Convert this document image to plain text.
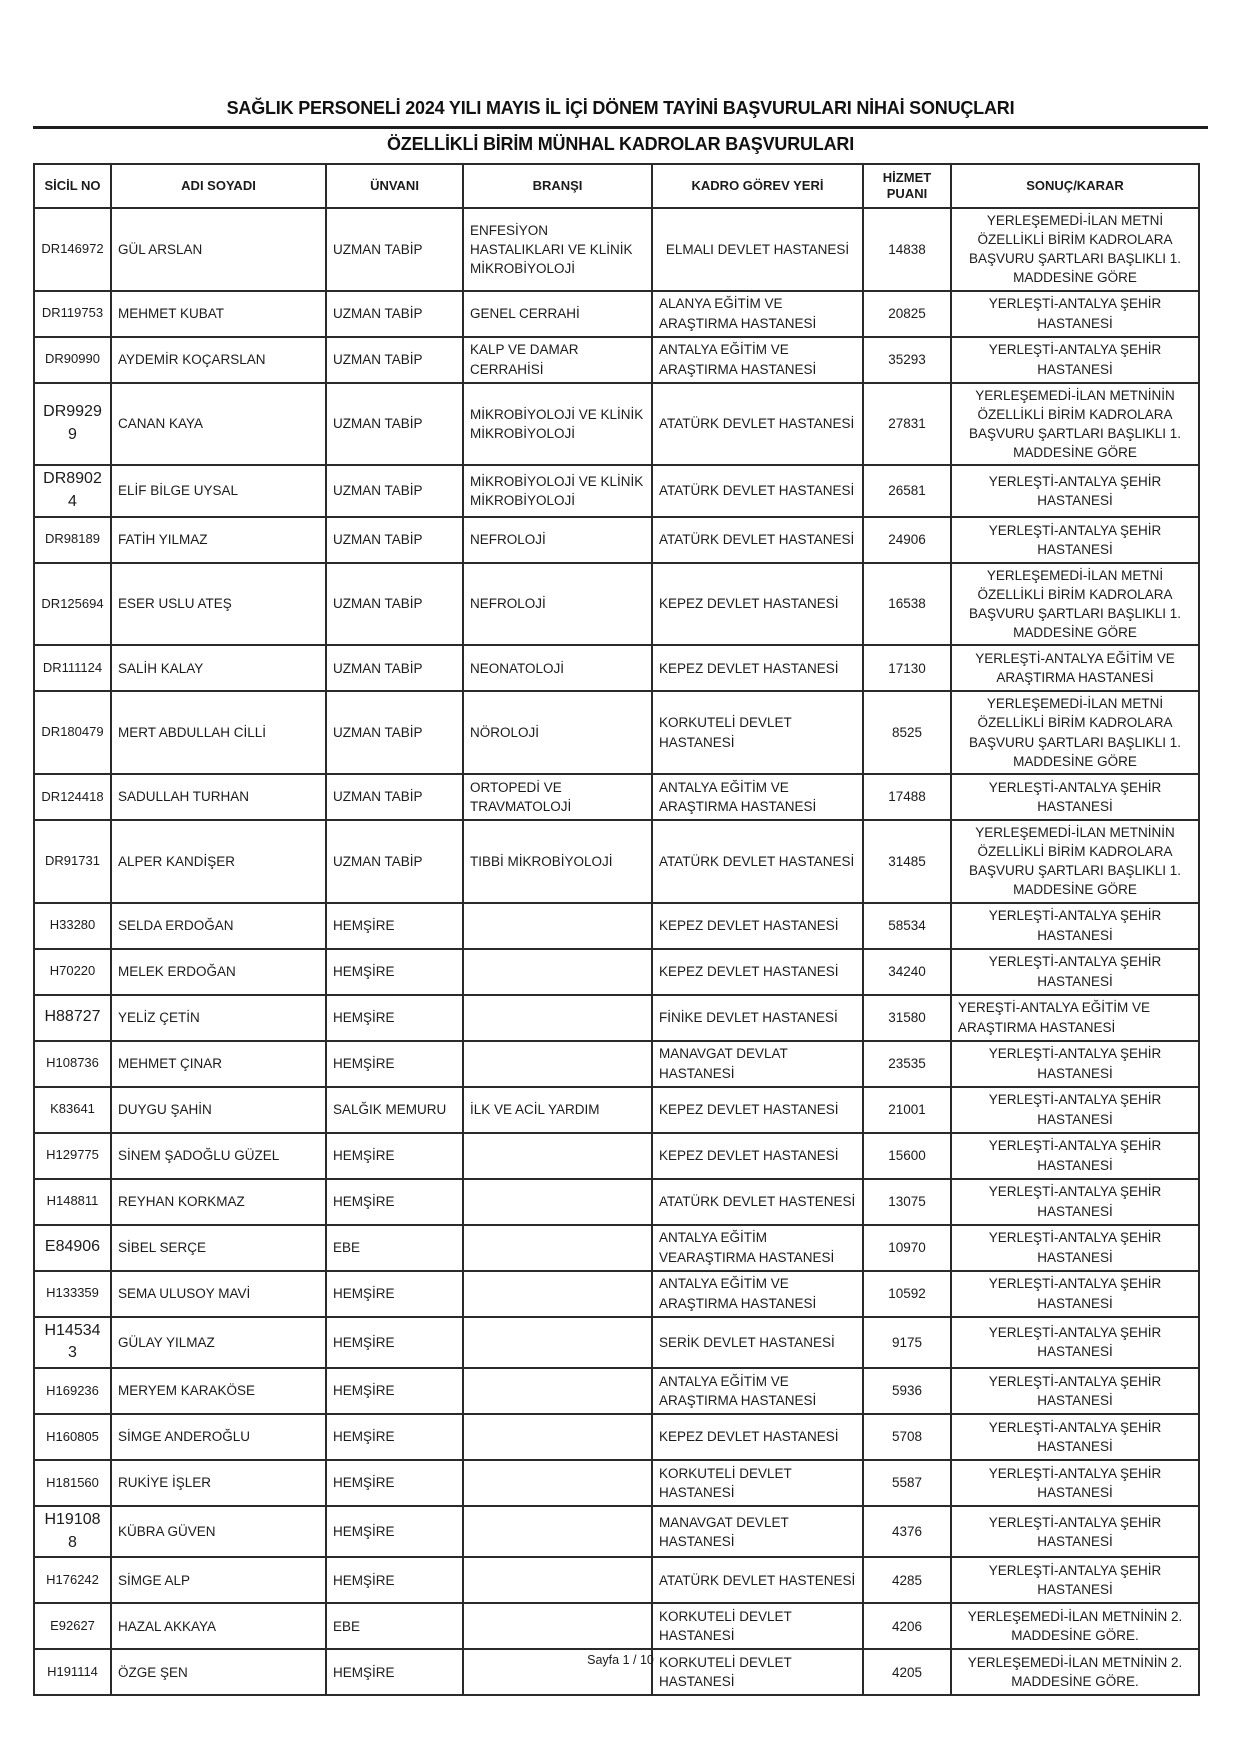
SAĞLIK PERSONELİ 2024 YILI MAYIS İL İÇİ DÖNEM TAYİNİ BAŞVURULARI NİHAİ SONUÇLARI
ÖZELLİKLİ BİRİM MÜNHAL KADROLAR BAŞVURULARI
SİCİL NO	ADI SOYADI	ÜNVANI	BRANŞI	KADRO GÖREV YERİ	HİZMET PUANI	SONUÇ/KARAR
DR146972	GÜL ARSLAN	UZMAN TABİP	ENFESİYON HASTALIKLARI VE KLİNİK MİKROBİYOLOJİ	ELMALI DEVLET HASTANESİ	14838	YERLEŞEMEDİ-İLAN METNİ ÖZELLİKLİ BİRİM KADROLARA BAŞVURU ŞARTLARI BAŞLIKLI 1. MADDESİNE GÖRE
DR119753	MEHMET KUBAT	UZMAN TABİP	GENEL CERRAHİ	ALANYA EĞİTİM VE ARAŞTIRMA HASTANESİ	20825	YERLEŞTİ-ANTALYA ŞEHİR HASTANESİ
DR90990	AYDEMİR KOÇARSLAN	UZMAN TABİP	KALP VE DAMAR CERRAHİSİ	ANTALYA EĞİTİM VE ARAŞTIRMA HASTANESİ	35293	YERLEŞTİ-ANTALYA ŞEHİR HASTANESİ
DR99299	CANAN KAYA	UZMAN TABİP	MİKROBİYOLOJİ VE KLİNİK MİKROBİYOLOJİ	ATATÜRK DEVLET HASTANESİ	27831	YERLEŞEMEDİ-İLAN METNİNİN ÖZELLİKLİ BİRİM KADROLARA BAŞVURU ŞARTLARI BAŞLIKLI 1. MADDESİNE GÖRE
DR89024	ELİF BİLGE UYSAL	UZMAN TABİP	MİKROBİYOLOJİ VE KLİNİK MİKROBİYOLOJİ	ATATÜRK DEVLET HASTANESİ	26581	YERLEŞTİ-ANTALYA ŞEHİR HASTANESİ
DR98189	FATİH YILMAZ	UZMAN TABİP	NEFROLOJİ	ATATÜRK DEVLET HASTANESİ	24906	YERLEŞTİ-ANTALYA ŞEHİR HASTANESİ
DR125694	ESER USLU ATEŞ	UZMAN TABİP	NEFROLOJİ	KEPEZ DEVLET HASTANESİ	16538	YERLEŞEMEDİ-İLAN METNİ ÖZELLİKLİ BİRİM KADROLARA BAŞVURU ŞARTLARI BAŞLIKLI 1. MADDESİNE GÖRE
DR111124	SALİH KALAY	UZMAN TABİP	NEONATOLOJİ	KEPEZ DEVLET HASTANESİ	17130	YERLEŞTİ-ANTALYA EĞİTİM VE ARAŞTIRMA HASTANESİ
DR180479	MERT ABDULLAH CİLLİ	UZMAN TABİP	NÖROLOJİ	KORKUTELİ DEVLET HASTANESİ	8525	YERLEŞEMEDİ-İLAN METNİ ÖZELLİKLİ BİRİM KADROLARA BAŞVURU ŞARTLARI BAŞLIKLI 1. MADDESİNE GÖRE
DR124418	SADULLAH TURHAN	UZMAN TABİP	ORTOPEDİ VE TRAVMATOLOJİ	ANTALYA EĞİTİM VE ARAŞTIRMA HASTANESİ	17488	YERLEŞTİ-ANTALYA ŞEHİR HASTANESİ
DR91731	ALPER KANDİŞER	UZMAN TABİP	TIBBİ MİKROBİYOLOJİ	ATATÜRK DEVLET HASTANESİ	31485	YERLEŞEMEDİ-İLAN METNİNİN ÖZELLİKLİ BİRİM KADROLARA BAŞVURU ŞARTLARI BAŞLIKLI 1. MADDESİNE GÖRE
H33280	SELDA ERDOĞAN	HEMŞİRE		KEPEZ DEVLET HASTANESİ	58534	YERLEŞTİ-ANTALYA ŞEHİR HASTANESİ
H70220	MELEK ERDOĞAN	HEMŞİRE		KEPEZ DEVLET HASTANESİ	34240	YERLEŞTİ-ANTALYA ŞEHİR HASTANESİ
H88727	YELİZ ÇETİN	HEMŞİRE		FİNİKE DEVLET HASTANESİ	31580	YEREŞTİ-ANTALYA EĞİTİM VE ARAŞTIRMA HASTANESİ
H108736	MEHMET ÇINAR	HEMŞİRE		MANAVGAT DEVLAT HASTANESİ	23535	YERLEŞTİ-ANTALYA ŞEHİR HASTANESİ
K83641	DUYGU ŞAHİN	SALĞIK MEMURU	İLK VE ACİL YARDIM	KEPEZ DEVLET HASTANESİ	21001	YERLEŞTİ-ANTALYA ŞEHİR HASTANESİ
H129775	SİNEM ŞADOĞLU GÜZEL	HEMŞİRE		KEPEZ DEVLET HASTANESİ	15600	YERLEŞTİ-ANTALYA ŞEHİR HASTANESİ
H148811	REYHAN KORKMAZ	HEMŞİRE		ATATÜRK DEVLET HASTENESİ	13075	YERLEŞTİ-ANTALYA ŞEHİR HASTANESİ
E84906	SİBEL SERÇE	EBE		ANTALYA EĞİTİM VEARAŞTIRMA HASTANESİ	10970	YERLEŞTİ-ANTALYA ŞEHİR HASTANESİ
H133359	SEMA ULUSOY MAVİ	HEMŞİRE		ANTALYA EĞİTİM VE ARAŞTIRMA HASTANESİ	10592	YERLEŞTİ-ANTALYA ŞEHİR HASTANESİ
H145343	GÜLAY YILMAZ	HEMŞİRE		SERİK DEVLET HASTANESİ	9175	YERLEŞTİ-ANTALYA ŞEHİR HASTANESİ
H169236	MERYEM KARAKÖSE	HEMŞİRE		ANTALYA EĞİTİM VE ARAŞTIRMA HASTANESİ	5936	YERLEŞTİ-ANTALYA ŞEHİR HASTANESİ
H160805	SİMGE ANDEROĞLU	HEMŞİRE		KEPEZ DEVLET HASTANESİ	5708	YERLEŞTİ-ANTALYA ŞEHİR HASTANESİ
H181560	RUKİYE İŞLER	HEMŞİRE		KORKUTELİ DEVLET HASTANESİ	5587	YERLEŞTİ-ANTALYA ŞEHİR HASTANESİ
H191088	KÜBRA GÜVEN	HEMŞİRE		MANAVGAT DEVLET HASTANESİ	4376	YERLEŞTİ-ANTALYA ŞEHİR HASTANESİ
H176242	SİMGE ALP	HEMŞİRE		ATATÜRK DEVLET HASTENESİ	4285	YERLEŞTİ-ANTALYA ŞEHİR HASTANESİ
E92627	HAZAL AKKAYA	EBE		KORKUTELİ DEVLET HASTANESİ	4206	YERLEŞEMEDİ-İLAN METNİNİN 2. MADDESİNE GÖRE.
H191114	ÖZGE ŞEN	HEMŞİRE		KORKUTELİ DEVLET HASTANESİ	4205	YERLEŞEMEDİ-İLAN METNİNİN 2. MADDESİNE GÖRE.
Sayfa 1 / 10
